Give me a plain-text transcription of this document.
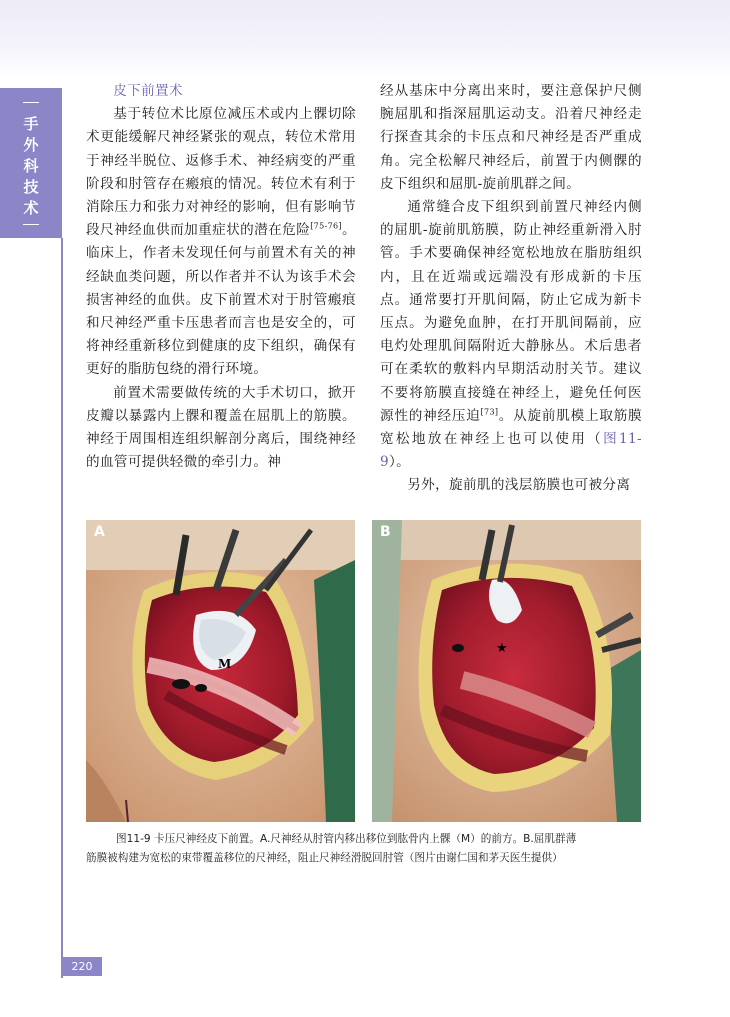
手外科技术
皮下前置术

基于转位术比原位减压术或内上髁切除术更能缓解尺神经紧张的观点，转位术常用于神经半脱位、返修手术、神经病变的严重阶段和肘管存在瘢痕的情况。转位术有利于消除压力和张力对神经的影响，但有影响节段尺神经血供而加重症状的潜在危险[75-76]。临床上，作者未发现任何与前置术有关的神经缺血类问题，所以作者并不认为该手术会损害神经的血供。皮下前置术对于肘管瘢痕和尺神经严重卡压患者而言也是安全的，可将神经重新移位到健康的皮下组织，确保有更好的脂肪包绕的滑行环境。

前置术需要做传统的大手术切口，掀开皮瓣以暴露内上髁和覆盖在屈肌上的筋膜。神经于周围相连组织解剖分离后，围绕神经的血管可提供轻微的牵引力。神

经从基床中分离出来时，要注意保护尺侧腕屈肌和指深屈肌运动支。沿着尺神经走行探查其余的卡压点和尺神经是否严重成角。完全松解尺神经后，前置于内侧髁的皮下组织和屈肌-旋前肌群之间。

通常缝合皮下组织到前置尺神经内侧的屈肌-旋前肌筋膜，防止神经重新滑入肘管。手术要确保神经宽松地放在脂肪组织内，且在近端或远端没有形成新的卡压点。通常要打开肌间隔，防止它成为新卡压点。为避免血肿，在打开肌间隔前，应电灼处理肌间隔附近大静脉丛。术后患者可在柔软的敷料内早期活动肘关节。建议不要将筋膜直接缝在神经上，避免任何医源性的神经压迫[73]。从旋前肌模上取筋膜宽松地放在神经上也可以使用（图11-9）。

另外，旋前肌的浅层筋膜也可被分离

M
A
★
B

图11-9 卡压尺神经皮下前置。A.尺神经从肘管内移出移位到肱骨内上髁（M）的前方。B.屈肌群薄

筋膜被构建为宽松的束带覆盖移位的尺神经，阻止尺神经滑脱回肘管（图片由谢仁国和茅天医生提供）

220
